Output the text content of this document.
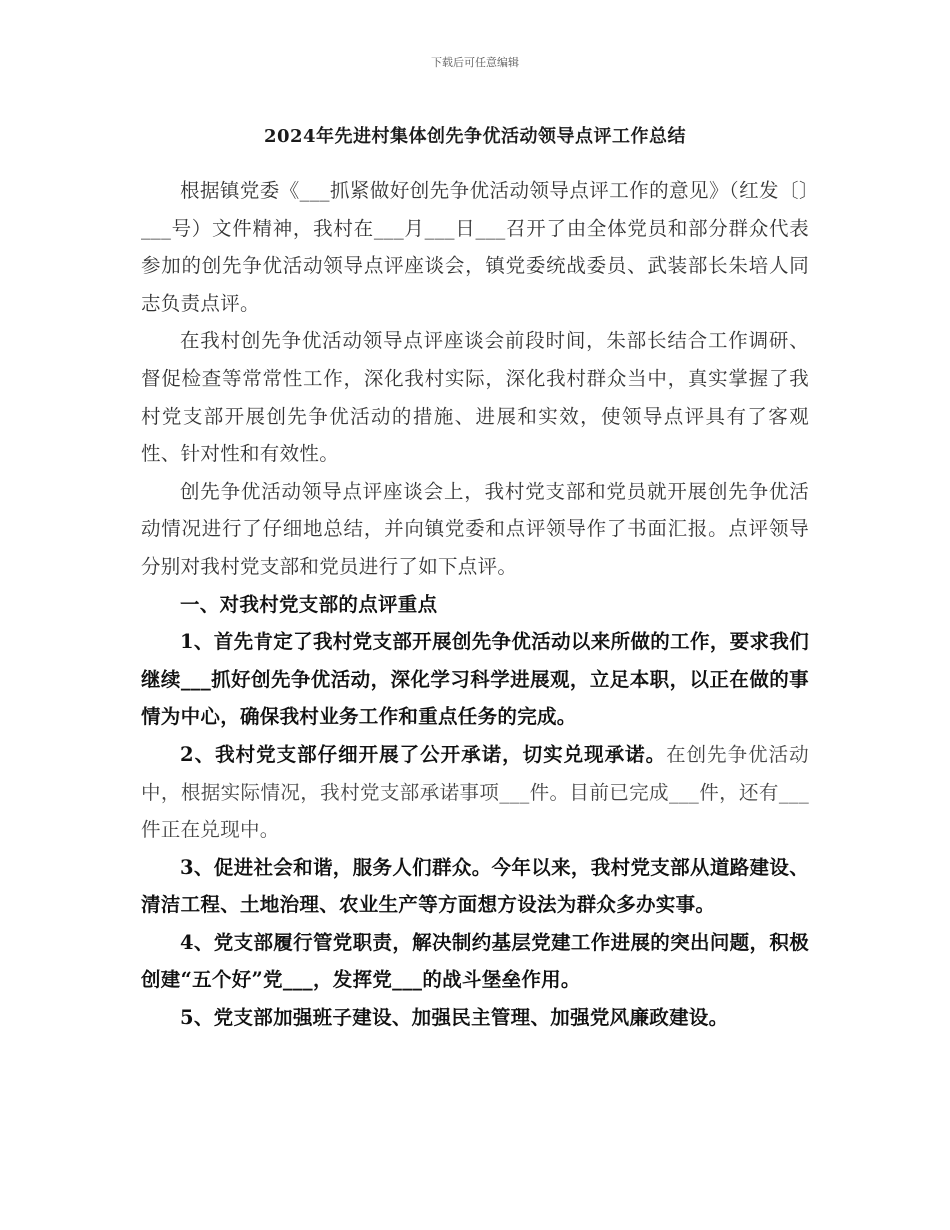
下载后可任意编辑
2024年先进村集体创先争优活动领导点评工作总结

根据镇党委《___抓紧做好创先争优活动领导点评工作的意见》（红发〔〕___号）文件精神，我村在___月___日___召开了由全体党员和部分群众代表参加的创先争优活动领导点评座谈会，镇党委统战委员、武装部长朱培人同志负责点评。

在我村创先争优活动领导点评座谈会前段时间，朱部长结合工作调研、督促检查等常常性工作，深化我村实际，深化我村群众当中，真实掌握了我村党支部开展创先争优活动的措施、进展和实效，使领导点评具有了客观性、针对性和有效性。

创先争优活动领导点评座谈会上，我村党支部和党员就开展创先争优活动情况进行了仔细地总结，并向镇党委和点评领导作了书面汇报。点评领导分别对我村党支部和党员进行了如下点评。

一、对我村党支部的点评重点

1、首先肯定了我村党支部开展创先争优活动以来所做的工作，要求我们继续___抓好创先争优活动，深化学习科学进展观，立足本职，以正在做的事情为中心，确保我村业务工作和重点任务的完成。

2、我村党支部仔细开展了公开承诺，切实兑现承诺。在创先争优活动中，根据实际情况，我村党支部承诺事项___件。目前已完成___件，还有___件正在兑现中。

3、促进社会和谐，服务人们群众。今年以来，我村党支部从道路建设、清洁工程、土地治理、农业生产等方面想方设法为群众多办实事。

4、党支部履行管党职责，解决制约基层党建工作进展的突出问题，积极创建“五个好”党___，发挥党___的战斗堡垒作用。

5、党支部加强班子建设、加强民主管理、加强党风廉政建设。
